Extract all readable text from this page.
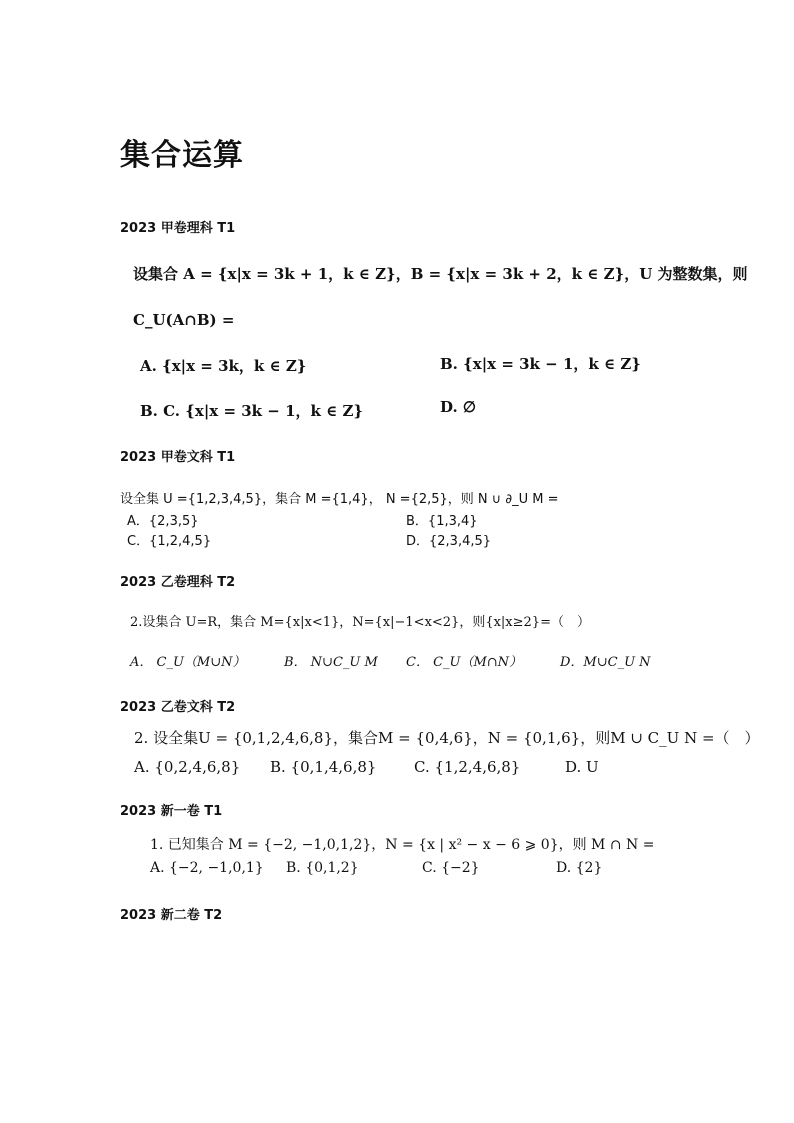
集合运算
2023 甲卷理科 T1
设集合 A = {x|x = 3k + 1，k ∈ Z}，B = {x|x = 3k + 2，k ∈ Z}，U 为整数集，则
C_U(A∩B) =
A. {x|x = 3k，k ∈ Z}	B. {x|x = 3k − 1，k ∈ Z}
B. C. {x|x = 3k − 1，k ∈ Z}	D. ∅
2023 甲卷文科 T1
设全集 U ={1,2,3,4,5}，集合 M ={1,4}， N ={2,5}，则 N ∪ ∂_U M =
A．{2,3,5}	B．{1,3,4}
C．{1,2,4,5}	D．{2,3,4,5}
2023 乙卷理科 T2
2.设集合 U=R，集合 M={x|x<1}，N={x|−1<x<2}，则{x|x≥2}=（　）
A． C_U（M∪N）	B． N∪C_U M C． C_U（M∩N）	D．M∪C_U N
2023 乙卷文科 T2
2. 设全集U = {0,1,2,4,6,8}，集合M = {0,4,6}，N = {0,1,6}，则M ∪ C_U N =（　）
A. {0,2,4,6,8} B. {0,1,4,6,8}	C. {1,2,4,6,8}	D. U
2023 新一卷 T1
1. 已知集合 M = {−2, −1,0,1,2}，N = {x | x² − x − 6 ⩾ 0}，则 M ∩ N =
A. {−2, −1,0,1} B. {0,1,2}	C. {−2}	D. {2}
2023 新二卷 T2
